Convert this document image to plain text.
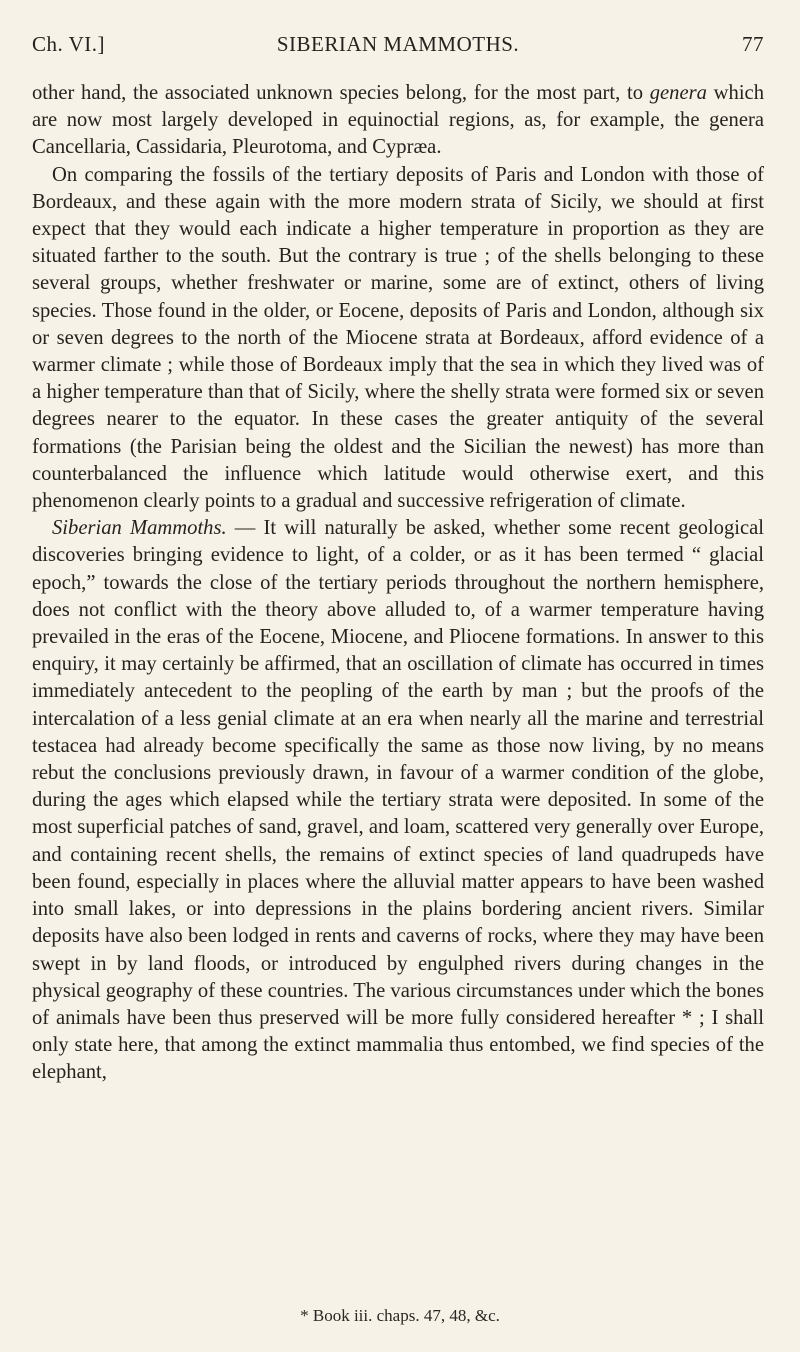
Ch. VI.]	SIBERIAN MAMMOTHS.	77

other hand, the associated unknown species belong, for the most part, to genera which are now most largely developed in equinoctial regions, as, for example, the genera Cancellaria, Cassidaria, Pleurotoma, and Cypræa.

On comparing the fossils of the tertiary deposits of Paris and London with those of Bordeaux, and these again with the more modern strata of Sicily, we should at first expect that they would each indicate a higher temperature in proportion as they are situated farther to the south. But the contrary is true ; of the shells belonging to these several groups, whether freshwater or marine, some are of extinct, others of living species. Those found in the older, or Eocene, deposits of Paris and London, although six or seven degrees to the north of the Miocene strata at Bordeaux, afford evidence of a warmer climate ; while those of Bordeaux imply that the sea in which they lived was of a higher temperature than that of Sicily, where the shelly strata were formed six or seven degrees nearer to the equator. In these cases the greater antiquity of the several formations (the Parisian being the oldest and the Sicilian the newest) has more than counterbalanced the influence which latitude would otherwise exert, and this phenomenon clearly points to a gradual and successive refrigeration of climate.

Siberian Mammoths. — It will naturally be asked, whether some recent geological discoveries bringing evidence to light, of a colder, or as it has been termed “ glacial epoch,” towards the close of the tertiary periods throughout the northern hemisphere, does not conflict with the theory above alluded to, of a warmer temperature having prevailed in the eras of the Eocene, Miocene, and Pliocene formations. In answer to this enquiry, it may certainly be affirmed, that an oscillation of climate has occurred in times immediately antecedent to the peopling of the earth by man ; but the proofs of the intercalation of a less genial climate at an era when nearly all the marine and terrestrial testacea had already become specifically the same as those now living, by no means rebut the conclusions previously drawn, in favour of a warmer condition of the globe, during the ages which elapsed while the tertiary strata were deposited. In some of the most superficial patches of sand, gravel, and loam, scattered very generally over Europe, and containing recent shells, the remains of extinct species of land quadrupeds have been found, especially in places where the alluvial matter appears to have been washed into small lakes, or into depressions in the plains bordering ancient rivers. Similar deposits have also been lodged in rents and caverns of rocks, where they may have been swept in by land floods, or introduced by engulphed rivers during changes in the physical geography of these countries. The various circumstances under which the bones of animals have been thus preserved will be more fully considered hereafter * ; I shall only state here, that among the extinct mammalia thus entombed, we find species of the elephant,

* Book iii. chaps. 47, 48, &c.
